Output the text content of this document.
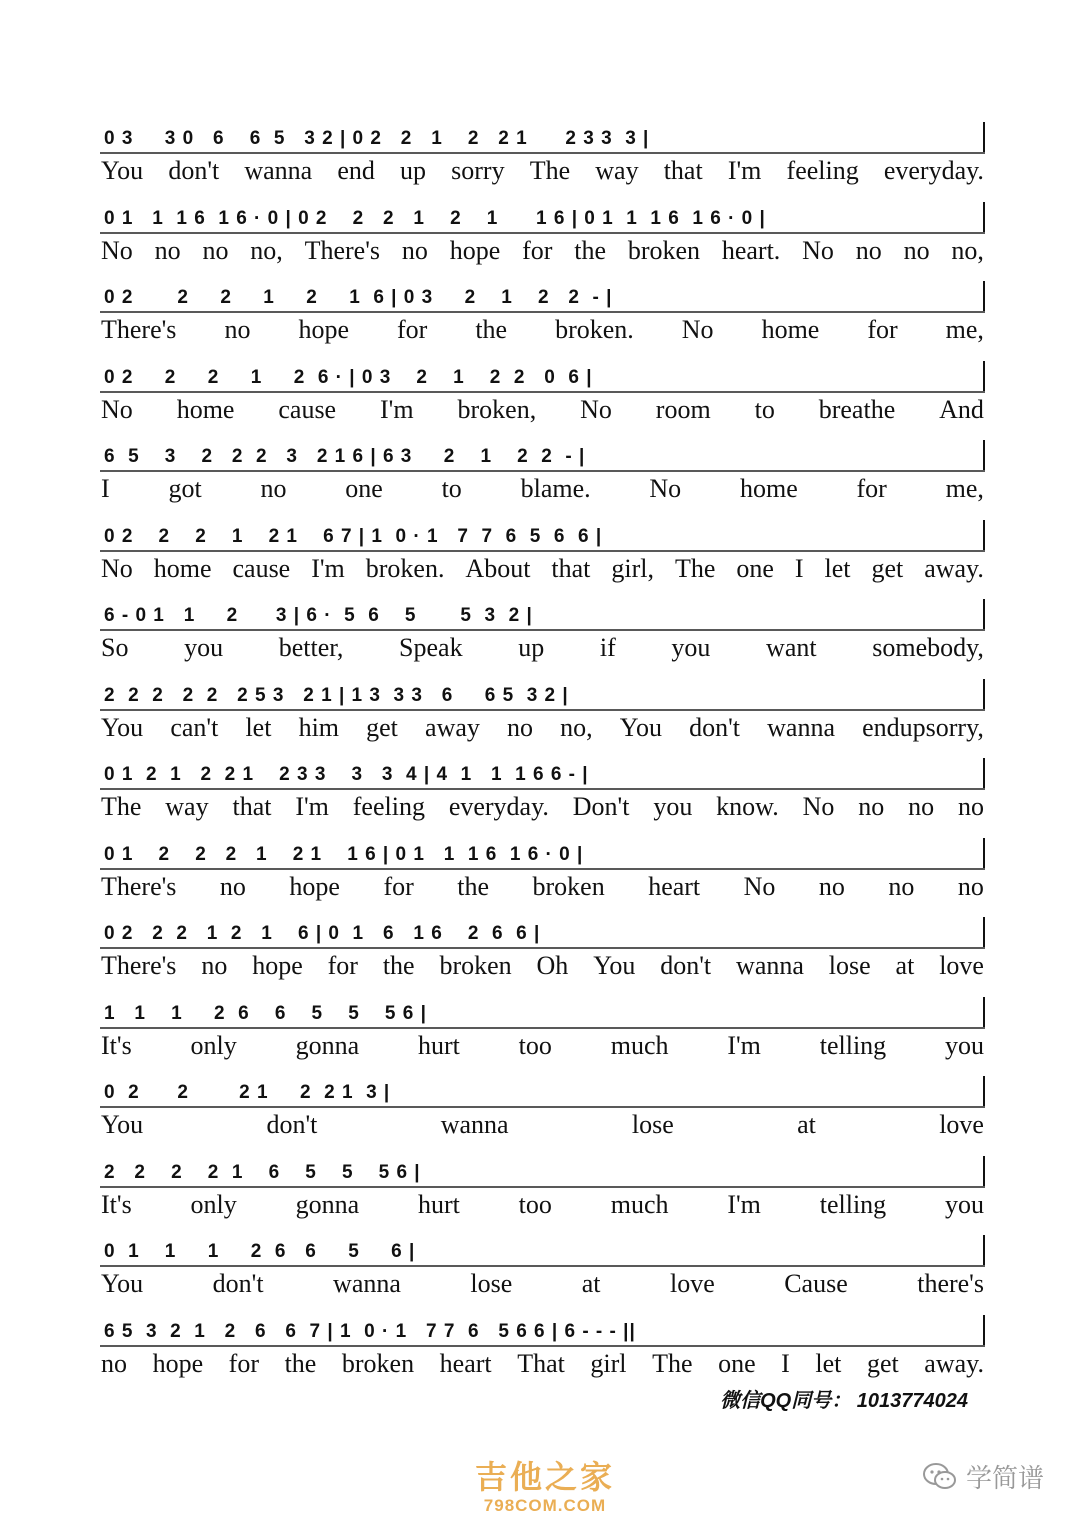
0 3     3 0   6    6  5   3 2 | 0 2   2   1    2   2 1      2 3 3  3 |
You don't wanna end up sorry The way that I'm feeling everyday.
0 1   1  1 6  1 6 · 0 | 0 2    2   2   1    2    1      1 6 | 0 1  1  1 6  1 6 · 0 |
No no no no, There's no hope for the broken heart. No no no no,
0 2       2     2     1     2     1  6 | 0 3     2    1    2   2  - |
There's no hope for the broken. No home for me,
0 2     2     2     1     2  6 · | 0 3    2    1    2  2   0  6 |
No home cause I'm broken, No room to breathe And
6  5    3    2   2  2   3   2 1 6 | 6 3     2    1    2  2  - |
I got no one to blame. No home for me,
0 2    2    2    1    2 1    6 7 | 1  0 · 1   7  7  6  5  6  6 |
No home cause I'm broken. About that girl, The one I let get away.
6 - 0 1   1     2      3 | 6 ·  5  6    5       5  3  2 |
So you better, Speak up if you want somebody,
2  2  2   2  2   2 5 3   2 1 | 1 3  3 3   6     6 5  3 2 |
You can't let him get away no no, You don't wanna endupsorry,
0 1  2  1   2  2 1    2 3 3    3   3  4 | 4  1   1  1 6 6 - |
The way that I'm feeling everyday. Don't you know. No no no no
0 1    2    2   2   1    2 1    1 6 | 0 1   1  1 6  1 6 · 0 |
There's no hope for the broken heart No no no no
0 2   2  2   1  2   1    6 | 0  1   6   1 6    2  6  6 |
There's no hope for the broken Oh You don't wanna lose at love
1   1    1     2  6    6    5    5    5 6 |
It's only gonna hurt too much I'm telling you
0  2      2        2 1     2  2 1  3 |
You	don't	wanna	lose	at	love
2   2    2    2  1    6    5    5    5 6 |
It's only gonna hurt too much I'm telling you
0  1    1     1     2  6   6     5     6 |
You	don't	wanna	lose	at	love	Cause	there's
6 5  3  2  1   2   6   6  7 | 1  0 · 1   7 7  6   5 6 6 | 6 - - - ||
no hope for the broken heart That girl The one I let get away.
微信QQ同号： 1013774024
吉他之家
798COM.COM
学简谱
